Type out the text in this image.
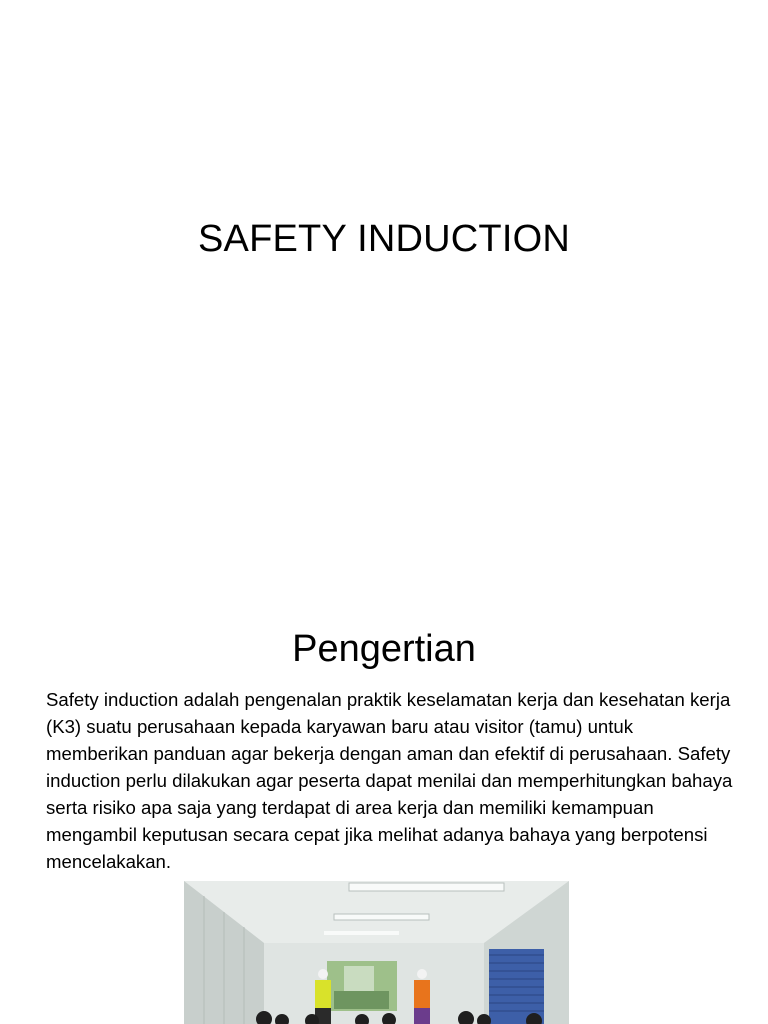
SAFETY INDUCTION
Pengertian

Safety induction adalah pengenalan praktik keselamatan kerja dan kesehatan kerja (K3) suatu perusahaan kepada karyawan baru atau visitor (tamu) untuk memberikan panduan agar bekerja dengan aman dan efektif di perusahaan. Safety induction perlu dilakukan agar peserta dapat menilai dan memperhitungkan bahaya serta risiko apa saja yang terdapat di area kerja dan memiliki kemampuan mengambil keputusan secara cepat jika melihat adanya bahaya yang berpotensi mencelakakan.
